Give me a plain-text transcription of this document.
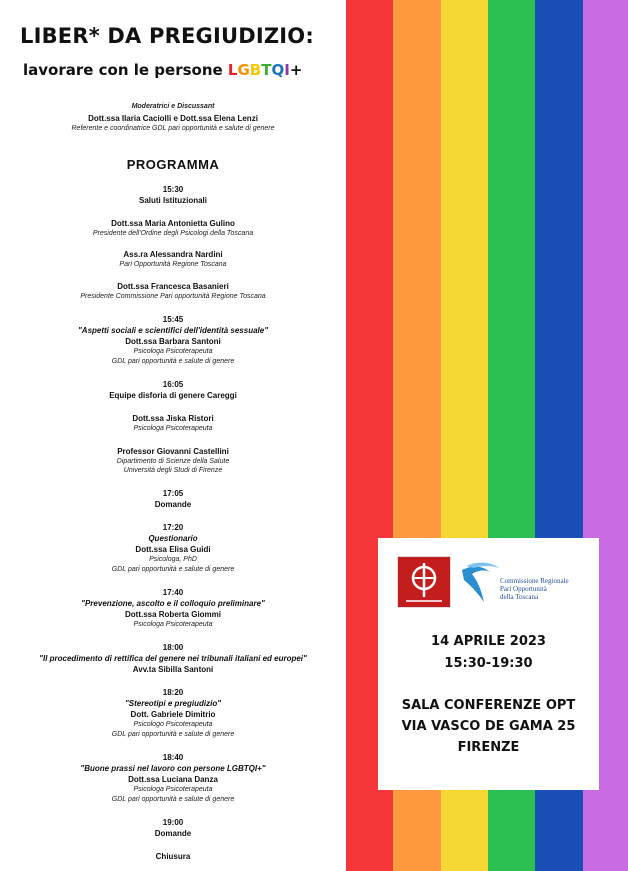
LIBER* DA PREGIUDIZIO:
lavorare con le persone LGBTQI+
Moderatrici e Discussant
Dott.ssa Ilaria Caciolli e Dott.ssa Elena Lenzi
Referente e coordinatrice GDL pari opportunità e salute di genere
PROGRAMMA
15:30
Saluti Istituzionali
Dott.ssa Maria Antonietta Gulino
Presidente dell'Ordine degli Psicologi della Toscana
Ass.ra Alessandra Nardini
Pari Opportunità Regione Toscana
Dott.ssa Francesca Basanieri
Presidente Commissione Pari opportunità Regione Toscana
15:45
"Aspetti sociali e scientifici dell'identità sessuale"
Dott.ssa Barbara Santoni
Psicologa Psicoterapeuta
GDL pari opportunità e salute di genere
16:05
Equipe disforia di genere Careggi
Dott.ssa Jiska Ristori
Psicologa Psicoterapeuta
Professor Giovanni Castellini
Dipartimento di Scienze della Salute
Università degli Studi di Firenze
17:05
Domande
17:20
Questionario
Dott.ssa Elisa Guidi
Psicologa, PhD
GDL pari opportunità e salute di genere
17:40
"Prevenzione, ascolto e il colloquio preliminare"
Dott.ssa Roberta Giommi
Psicologa Psicoterapeuta
18:00
"Il procedimento di rettifica del genere nei tribunali italiani ed europei"
Avv.ta Sibilla Santoni
18:20
"Stereotipi e pregiudizio"
Dott. Gabriele Dimitrio
Psicologo Psicoterapeuta
GDL pari opportunità e salute di genere
18:40
"Buone prassi nel lavoro con persone LGBTQI+"
Dott.ssa Luciana Danza
Psicologa Psicoterapeuta
GDL pari opportunità e salute di genere
19:00
Domande
Chiusura
Commissione Regionale
Pari Opportunità
della Toscana
14 APRILE 2023
15:30-19:30
SALA CONFERENZE OPT
VIA VASCO DE GAMA 25
FIRENZE
